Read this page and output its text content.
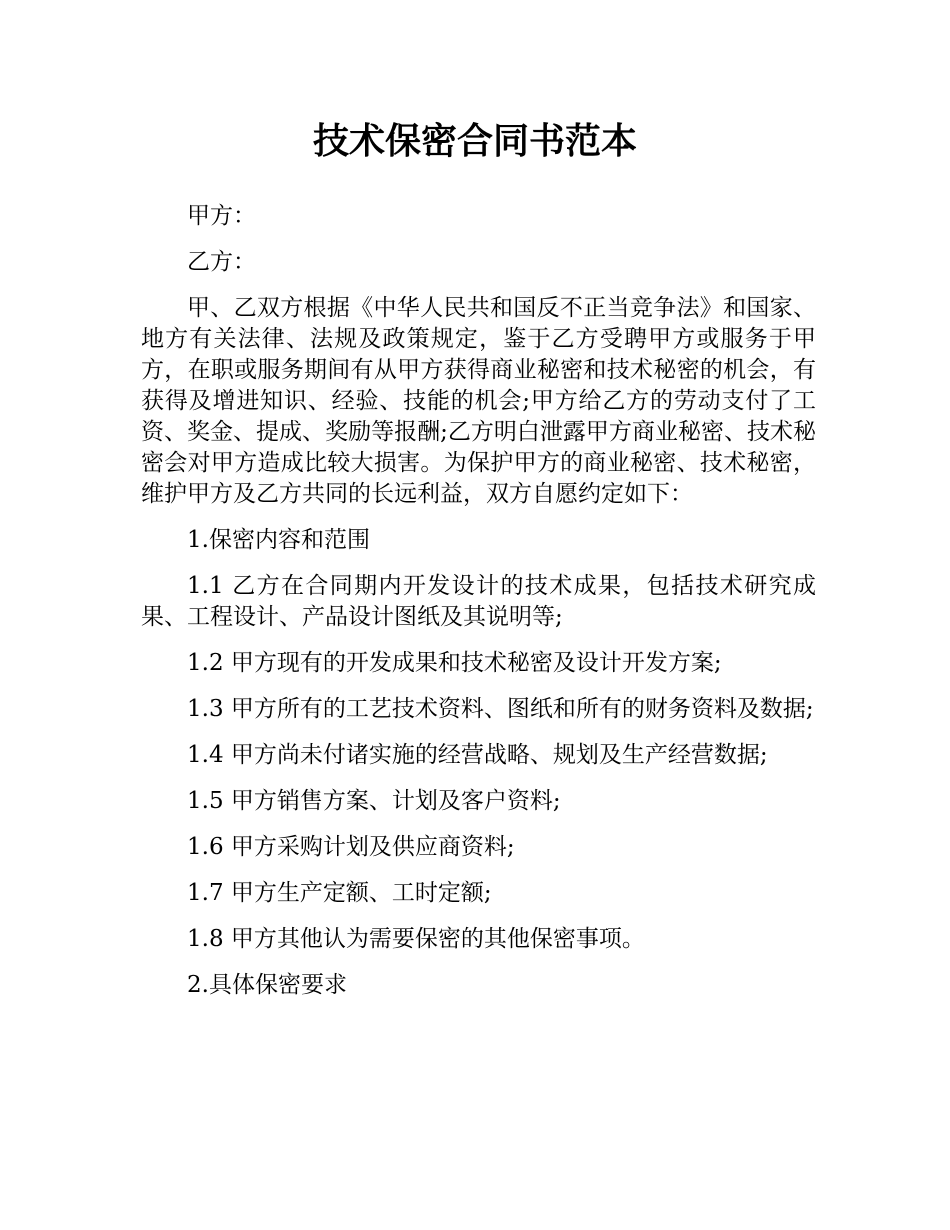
技术保密合同书范本

甲方：

乙方：

甲、乙双方根据《中华人民共和国反不正当竞争法》和国家、地方有关法律、法规及政策规定，鉴于乙方受聘甲方或服务于甲方，在职或服务期间有从甲方获得商业秘密和技术秘密的机会，有获得及增进知识、经验、技能的机会;甲方给乙方的劳动支付了工资、奖金、提成、奖励等报酬;乙方明白泄露甲方商业秘密、技术秘密会对甲方造成比较大损害。为保护甲方的商业秘密、技术秘密，维护甲方及乙方共同的长远利益，双方自愿约定如下：

1.保密内容和范围

1.1 乙方在合同期内开发设计的技术成果，包括技术研究成果、工程设计、产品设计图纸及其说明等;

1.2 甲方现有的开发成果和技术秘密及设计开发方案;

1.3 甲方所有的工艺技术资料、图纸和所有的财务资料及数据;

1.4 甲方尚未付诸实施的经营战略、规划及生产经营数据;

1.5 甲方销售方案、计划及客户资料;

1.6 甲方采购计划及供应商资料;

1.7 甲方生产定额、工时定额;

1.8 甲方其他认为需要保密的其他保密事项。

2.具体保密要求
